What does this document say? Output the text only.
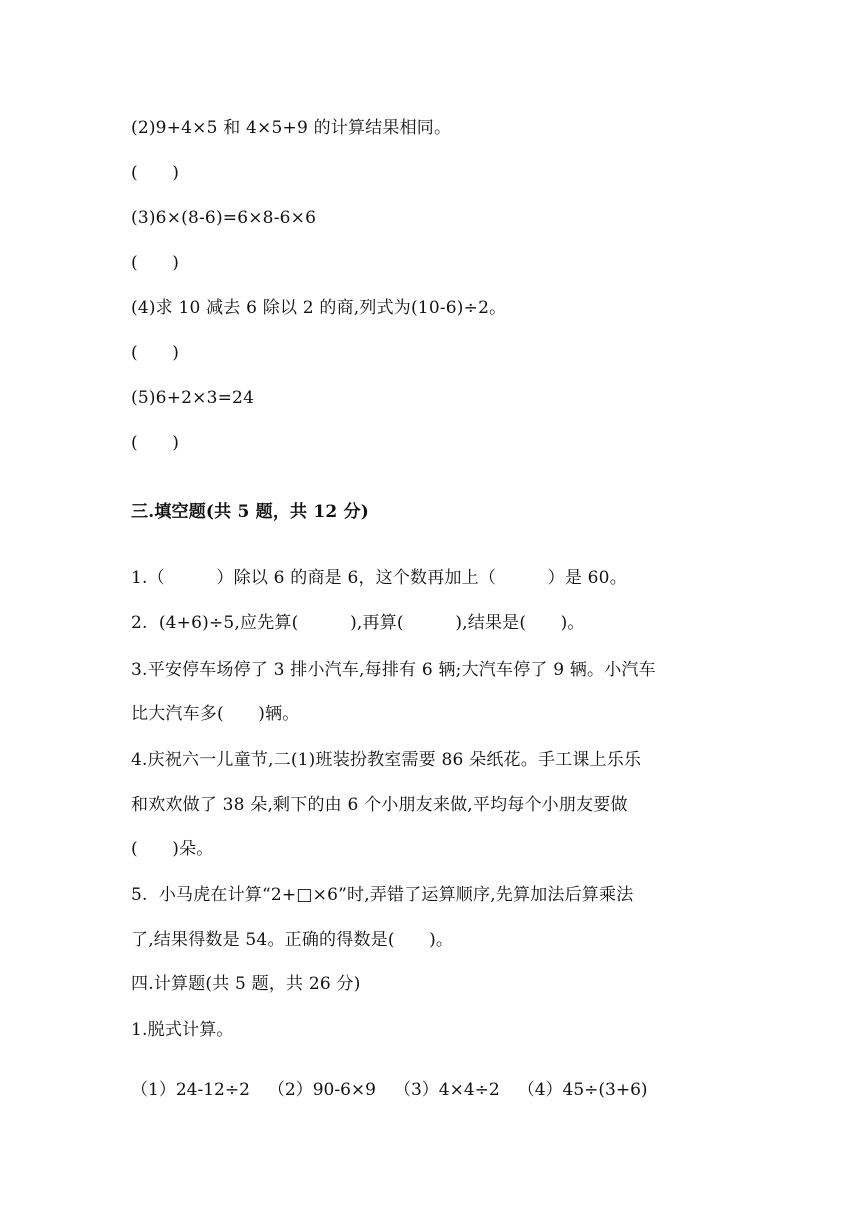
(2)9+4×5 和 4×5+9 的计算结果相同。
(　　)
(3)6×(8-6)=6×8-6×6
(　　)
(4)求 10 减去 6 除以 2 的商,列式为(10-6)÷2。
(　　)
(5)6+2×3=24
(　　)
三.填空题(共 5 题，共 12 分)
1.（　　　）除以 6 的商是 6，这个数再加上（　　　）是 60。
2.  (4+6)÷5,应先算(　　　),再算(　　　),结果是(　　)。
3.平安停车场停了 3 排小汽车,每排有 6 辆;大汽车停了 9 辆。小汽车
比大汽车多(　　)辆。
4.庆祝六一儿童节,二(1)班装扮教室需要 86 朵纸花。手工课上乐乐
和欢欢做了 38 朵,剩下的由 6 个小朋友来做,平均每个小朋友要做
(　　)朵。
5.  小马虎在计算“2+□×6”时,弄错了运算顺序,先算加法后算乘法
了,结果得数是 54。正确的得数是(　　)。
四.计算题(共 5 题，共 26 分)
1.脱式计算。
（1）24-12÷2 （2）90-6×9 （3）4×4÷2 （4）45÷(3+6)
